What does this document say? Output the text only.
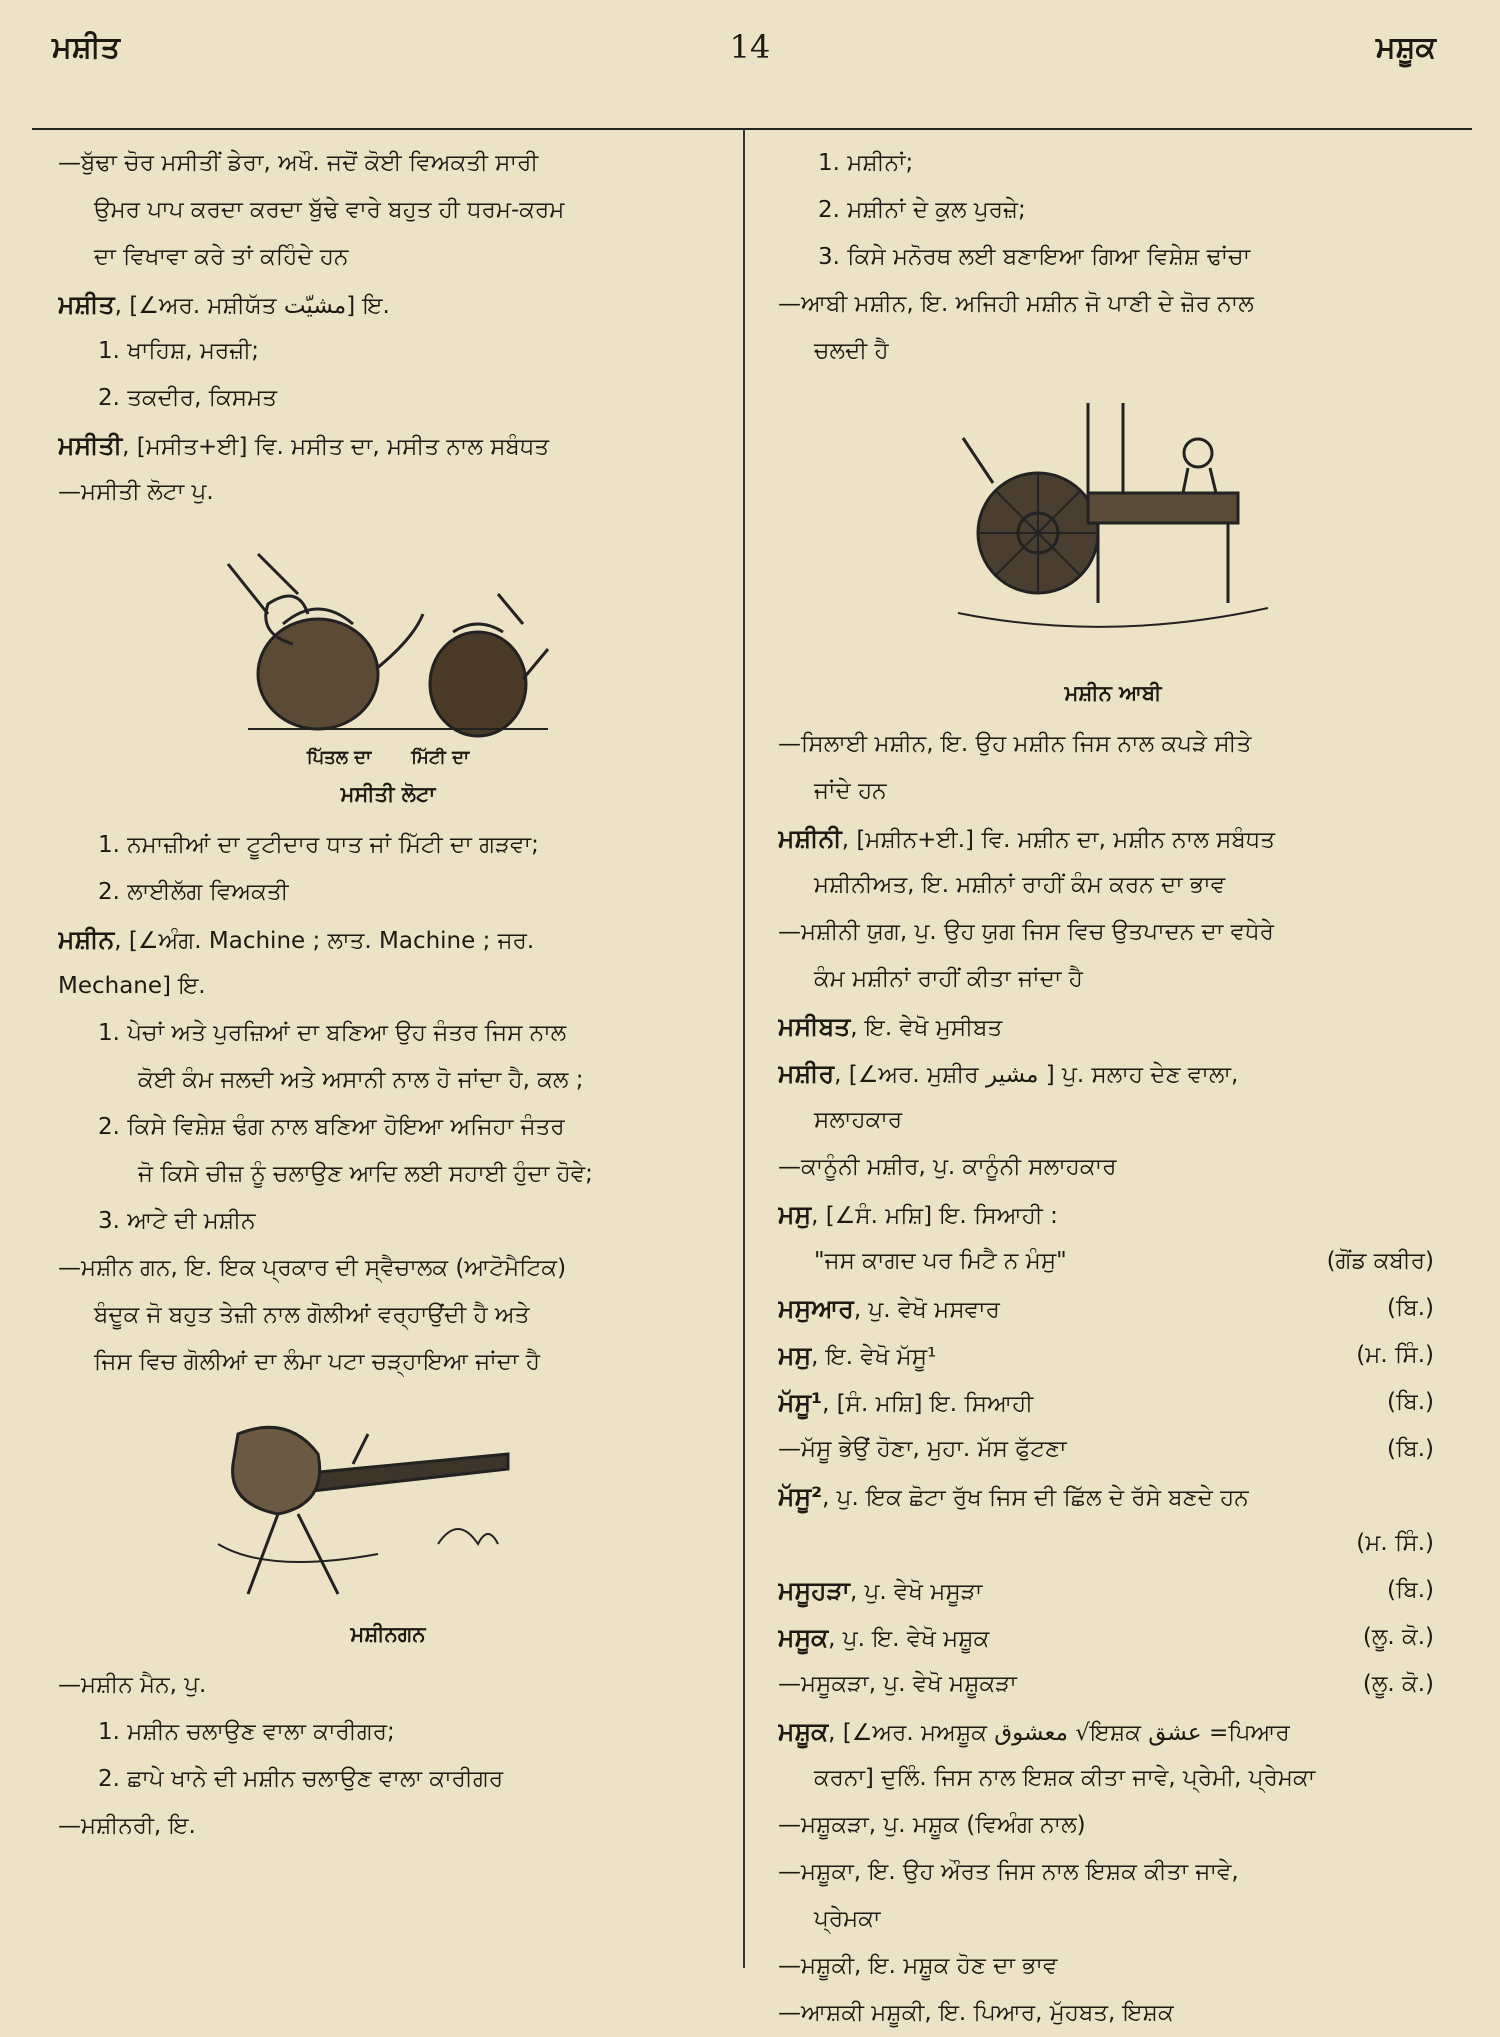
ਮਸ਼ੀਤ	14	ਮਸ਼ੂਕ
—ਬੁੱਢਾ ਚੋਰ ਮਸੀਤੀਂ ਡੇਰਾ, ਅਖੌ. ਜਦੋਂ ਕੋਈ ਵਿਅਕਤੀ ਸਾਰੀ
ਉਮਰ ਪਾਪ ਕਰਦਾ ਕਰਦਾ ਬੁੱਢੇ ਵਾਰੇ ਬਹੁਤ ਹੀ ਧਰਮ-ਕਰਮ
ਦਾ ਵਿਖਾਵਾ ਕਰੇ ਤਾਂ ਕਹਿੰਦੇ ਹਨ
ਮਸ਼ੀਤ, [∠ਅਰ. ਮਸ਼ੀਯੱਤ مشیّت] ਇ.
1. ਖਾਹਿਸ਼, ਮਰਜ਼ੀ;
2. ਤਕਦੀਰ, ਕਿਸਮਤ
ਮਸੀਤੀ, [ਮਸੀਤ+ਈ] ਵਿ. ਮਸੀਤ ਦਾ, ਮਸੀਤ ਨਾਲ ਸਬੰਧਤ
—ਮਸੀਤੀ ਲੋਟਾ ਪੁ.
ਪਿੱਤਲ ਦਾ ਮਿੱਟੀ ਦਾ
ਮਸੀਤੀ ਲੋਟਾ
1. ਨਮਾਜ਼ੀਆਂ ਦਾ ਟੂਟੀਦਾਰ ਧਾਤ ਜਾਂ ਮਿੱਟੀ ਦਾ ਗੜਵਾ;
2. ਲਾਈਲੱਗ ਵਿਅਕਤੀ
ਮਸ਼ੀਨ, [∠ਅੰਗ. Machine ; ਲਾਤ. Machine ; ਜਰ.
Mechane] ਇ.
1. ਪੇਚਾਂ ਅਤੇ ਪੁਰਜ਼ਿਆਂ ਦਾ ਬਣਿਆ ਉਹ ਜੰਤਰ ਜਿਸ ਨਾਲ
ਕੋਈ ਕੰਮ ਜਲਦੀ ਅਤੇ ਅਸਾਨੀ ਨਾਲ ਹੋ ਜਾਂਦਾ ਹੈ, ਕਲ ;
2. ਕਿਸੇ ਵਿਸ਼ੇਸ਼ ਢੰਗ ਨਾਲ ਬਣਿਆ ਹੋਇਆ ਅਜਿਹਾ ਜੰਤਰ
ਜੋ ਕਿਸੇ ਚੀਜ਼ ਨੂੰ ਚਲਾਉਣ ਆਦਿ ਲਈ ਸਹਾਈ ਹੁੰਦਾ ਹੋਵੇ;
3. ਆਟੇ ਦੀ ਮਸ਼ੀਨ
—ਮਸ਼ੀਨ ਗਨ, ਇ. ਇਕ ਪ੍ਰਕਾਰ ਦੀ ਸ੍ਵੈਚਾਲਕ (ਆਟੋਮੈਟਿਕ)
ਬੰਦੂਕ ਜੋ ਬਹੁਤ ਤੇਜ਼ੀ ਨਾਲ ਗੋਲੀਆਂ ਵਰ੍ਹਾਉਂਦੀ ਹੈ ਅਤੇ
ਜਿਸ ਵਿਚ ਗੋਲੀਆਂ ਦਾ ਲੰਮਾ ਪਟਾ ਚੜ੍ਹਾਇਆ ਜਾਂਦਾ ਹੈ
ਮਸ਼ੀਨਗਨ
—ਮਸ਼ੀਨ ਮੈਨ, ਪੁ.
1. ਮਸ਼ੀਨ ਚਲਾਉਣ ਵਾਲਾ ਕਾਰੀਗਰ;
2. ਛਾਪੇ ਖਾਨੇ ਦੀ ਮਸ਼ੀਨ ਚਲਾਉਣ ਵਾਲਾ ਕਾਰੀਗਰ
—ਮਸ਼ੀਨਰੀ, ਇ.
1. ਮਸ਼ੀਨਾਂ;
2. ਮਸ਼ੀਨਾਂ ਦੇ ਕੁਲ ਪੁਰਜ਼ੇ;
3. ਕਿਸੇ ਮਨੋਰਥ ਲਈ ਬਣਾਇਆ ਗਿਆ ਵਿਸ਼ੇਸ਼ ਢਾਂਚਾ
—ਆਬੀ ਮਸ਼ੀਨ, ਇ. ਅਜਿਹੀ ਮਸ਼ੀਨ ਜੋ ਪਾਣੀ ਦੇ ਜ਼ੋਰ ਨਾਲ
ਚਲਦੀ ਹੈ
ਮਸ਼ੀਨ ਆਬੀ
—ਸਿਲਾਈ ਮਸ਼ੀਨ, ਇ. ਉਹ ਮਸ਼ੀਨ ਜਿਸ ਨਾਲ ਕਪੜੇ ਸੀਤੇ
ਜਾਂਦੇ ਹਨ
ਮਸ਼ੀਨੀ, [ਮਸ਼ੀਨ+ਈ.] ਵਿ. ਮਸ਼ੀਨ ਦਾ, ਮਸ਼ੀਨ ਨਾਲ ਸਬੰਧਤ
ਮਸ਼ੀਨੀਅਤ, ਇ. ਮਸ਼ੀਨਾਂ ਰਾਹੀਂ ਕੰਮ ਕਰਨ ਦਾ ਭਾਵ
—ਮਸ਼ੀਨੀ ਯੁਗ, ਪੁ. ਉਹ ਯੁਗ ਜਿਸ ਵਿਚ ਉਤਪਾਦਨ ਦਾ ਵਧੇਰੇ
ਕੰਮ ਮਸ਼ੀਨਾਂ ਰਾਹੀਂ ਕੀਤਾ ਜਾਂਦਾ ਹੈ
ਮਸੀਬਤ, ਇ. ਵੇਖੋ ਮੁਸੀਬਤ
ਮਸ਼ੀਰ, [∠ਅਰ. ਮੁਸ਼ੀਰ مشیر ] ਪੁ. ਸਲਾਹ ਦੇਣ ਵਾਲਾ,
ਸਲਾਹਕਾਰ
—ਕਾਨੂੰਨੀ ਮਸ਼ੀਰ, ਪੁ. ਕਾਨੂੰਨੀ ਸਲਾਹਕਾਰ
ਮਸੁ, [∠ਸੰ. ਮਸ਼ਿ] ਇ. ਸਿਆਹੀ :
"ਜਸ ਕਾਗਦ ਪਰ ਮਿਟੈ ਨ ਮੰਸੁ"	(ਗੋਂਡ ਕਬੀਰ)
ਮਸੁਆਰ, ਪੁ. ਵੇਖੋ ਮਸਵਾਰ	(ਬਿ.)
ਮਸੁ, ਇ. ਵੇਖੋ ਮੱਸੂ¹	(ਮ. ਸਿੰ.)
ਮੱਸੂ¹, [ਸੰ. ਮਸ਼ਿ] ਇ. ਸਿਆਹੀ	(ਬਿ.)
—ਮੱਸੂ ਭੇਉਂ ਹੋਣਾ, ਮੁਹਾ. ਮੱਸ ਫੁੱਟਣਾ	(ਬਿ.)
ਮੱਸੂ², ਪੁ. ਇਕ ਛੋਟਾ ਰੁੱਖ ਜਿਸ ਦੀ ਛਿੱਲ ਦੇ ਰੱਸੇ ਬਣਦੇ ਹਨ
(ਮ. ਸਿੰ.)
ਮਸੂਹੜਾ, ਪੁ. ਵੇਖੋ ਮਸੂੜਾ	(ਬਿ.)
ਮਸੂਕ, ਪੁ. ਇ. ਵੇਖੋ ਮਸ਼ੂਕ	(ਲੂ. ਕੋ.)
—ਮਸੂਕੜਾ, ਪੁ. ਵੇਖੋ ਮਸ਼ੂਕੜਾ	(ਲੂ. ਕੋ.)
ਮਸ਼ੂਕ, [∠ਅਰ. ਮਅਸ਼ੂਕ معشوق √ਇਸ਼ਕ عشق =ਪਿਆਰ
ਕਰਨਾ] ਦੁਲਿੰ. ਜਿਸ ਨਾਲ ਇਸ਼ਕ ਕੀਤਾ ਜਾਵੇ, ਪ੍ਰੇਮੀ, ਪ੍ਰੇਮਕਾ
—ਮਸ਼ੂਕੜਾ, ਪੁ. ਮਸ਼ੂਕ (ਵਿਅੰਗ ਨਾਲ)
—ਮਸ਼ੂਕਾ, ਇ. ਉਹ ਔਰਤ ਜਿਸ ਨਾਲ ਇਸ਼ਕ ਕੀਤਾ ਜਾਵੇ,
ਪ੍ਰੇਮਕਾ
—ਮਸ਼ੂਕੀ, ਇ. ਮਸ਼ੂਕ ਹੋਣ ਦਾ ਭਾਵ
—ਆਸ਼ਕੀ ਮਸ਼ੂਕੀ, ਇ. ਪਿਆਰ, ਮੁੱਹਬਤ, ਇਸ਼ਕ
